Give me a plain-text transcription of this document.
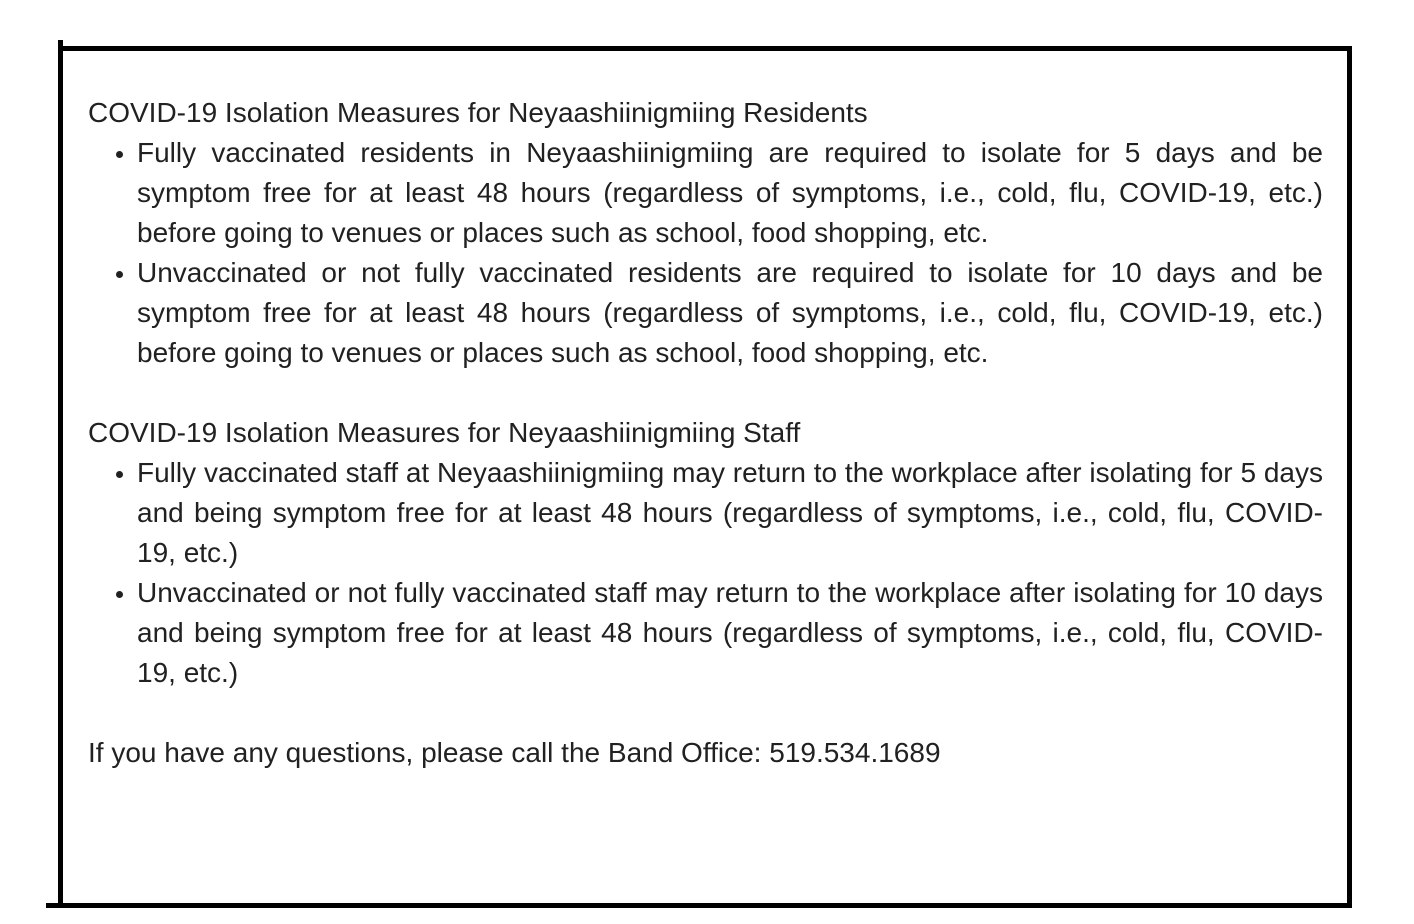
COVID-19 Isolation Measures for Neyaashiinigmiing Residents
• Fully vaccinated residents in Neyaashiinigmiing are required to isolate for 5 days and be symptom free for at least 48 hours (regardless of symptoms, i.e., cold, flu, COVID-19, etc.) before going to venues or places such as school, food shopping, etc.
• Unvaccinated or not fully vaccinated residents are required to isolate for 10 days and be symptom free for at least 48 hours (regardless of symptoms, i.e., cold, flu, COVID-19, etc.) before going to venues or places such as school, food shopping, etc.
COVID-19 Isolation Measures for Neyaashiinigmiing Staff
• Fully vaccinated staff at Neyaashiinigmiing may return to the workplace after isolating for 5 days and being symptom free for at least 48 hours (regardless of symptoms, i.e., cold, flu, COVID-19, etc.)
• Unvaccinated or not fully vaccinated staff may return to the workplace after isolating for 10 days and being symptom free for at least 48 hours (regardless of symptoms, i.e., cold, flu, COVID-19, etc.)

If you have any questions, please call the Band Office: 519.534.1689
